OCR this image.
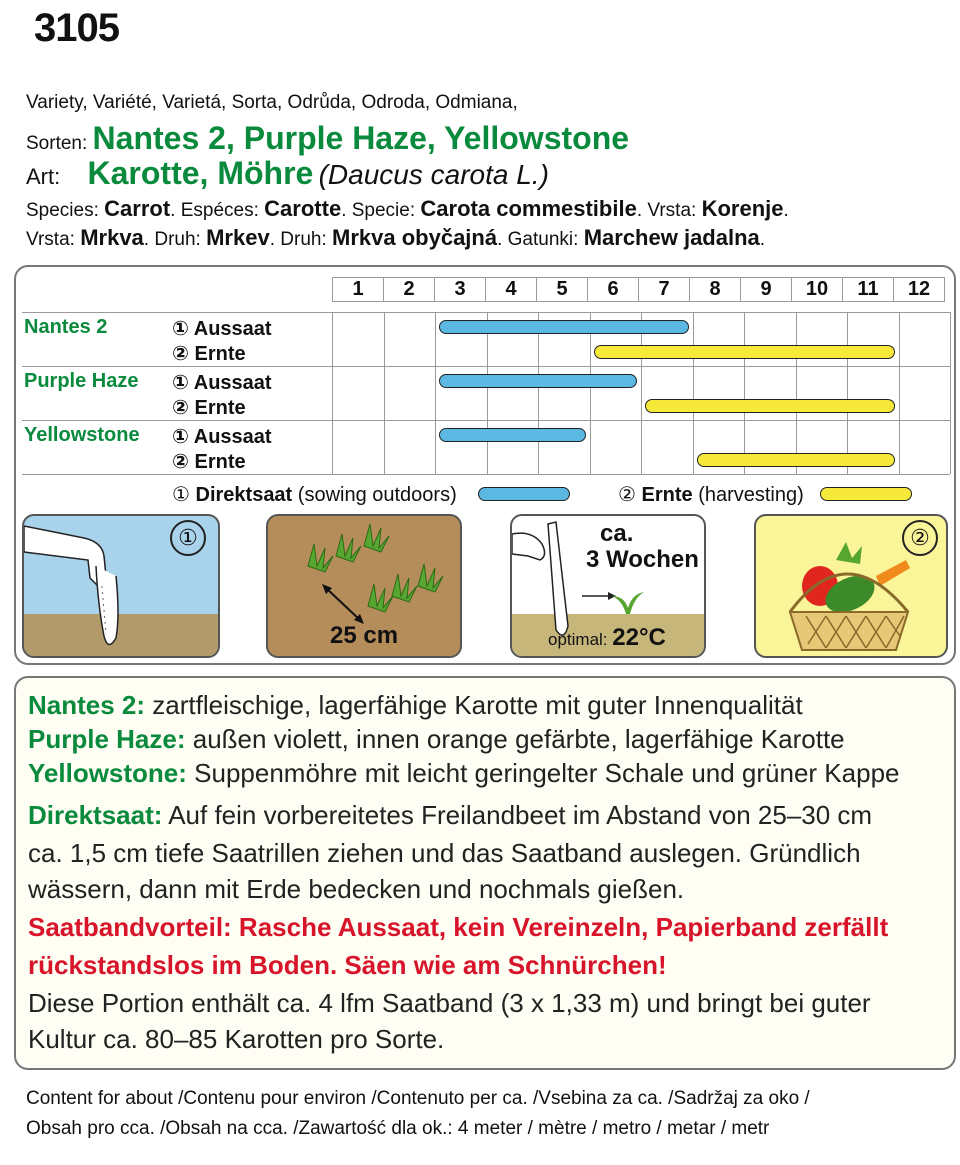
3105
Variety, Variété, Varietá, Sorta, Odrůda, Odroda, Odmiana,
Sorten: Nantes 2, Purple Haze, Yellowstone
Art: Karotte, Möhre (Daucus carota L.)
Species: Carrot. Espéces: Carotte. Specie: Carota commestibile. Vrsta: Korenje.
Vrsta: Mrkva. Druh: Mrkev. Druh: Mrkva obyčajná. Gatunki: Marchew jadalna.
1	2	3	4	5	6	7	8	9	10	11	12
Nantes 2	① Aussaat
② Ernte
Purple Haze ① Aussaat
② Ernte
Yellowstone ① Aussaat
② Ernte
① Direktsaat (sowing outdoors)	② Ernte (harvesting)
①
25 cm
ca.
3 Wochen
optimal: 22°C
②
Nantes 2: zartfleischige, lagerfähige Karotte mit guter Innenqualität
Purple Haze: außen violett, innen orange gefärbte, lagerfähige Karotte
Yellowstone: Suppenmöhre mit leicht geringelter Schale und grüner Kappe
Direktsaat: Auf fein vorbereitetes Freilandbeet im Abstand von 25–30 cm
ca. 1,5 cm tiefe Saatrillen ziehen und das Saatband auslegen. Gründlich
wässern, dann mit Erde bedecken und nochmals gießen.
Saatbandvorteil: Rasche Aussaat, kein Vereinzeln, Papierband zerfällt
rückstandslos im Boden. Säen wie am Schnürchen!
Diese Portion enthält ca. 4 lfm Saatband (3 x 1,33 m) und bringt bei guter
Kultur ca. 80–85 Karotten pro Sorte.
Content for about /Contenu pour environ /Contenuto per ca. /Vsebina za ca. /Sadržaj za oko /
Obsah pro cca. /Obsah na cca. /Zawartość dla ok.: 4 meter / mètre / metro / metar / metr
